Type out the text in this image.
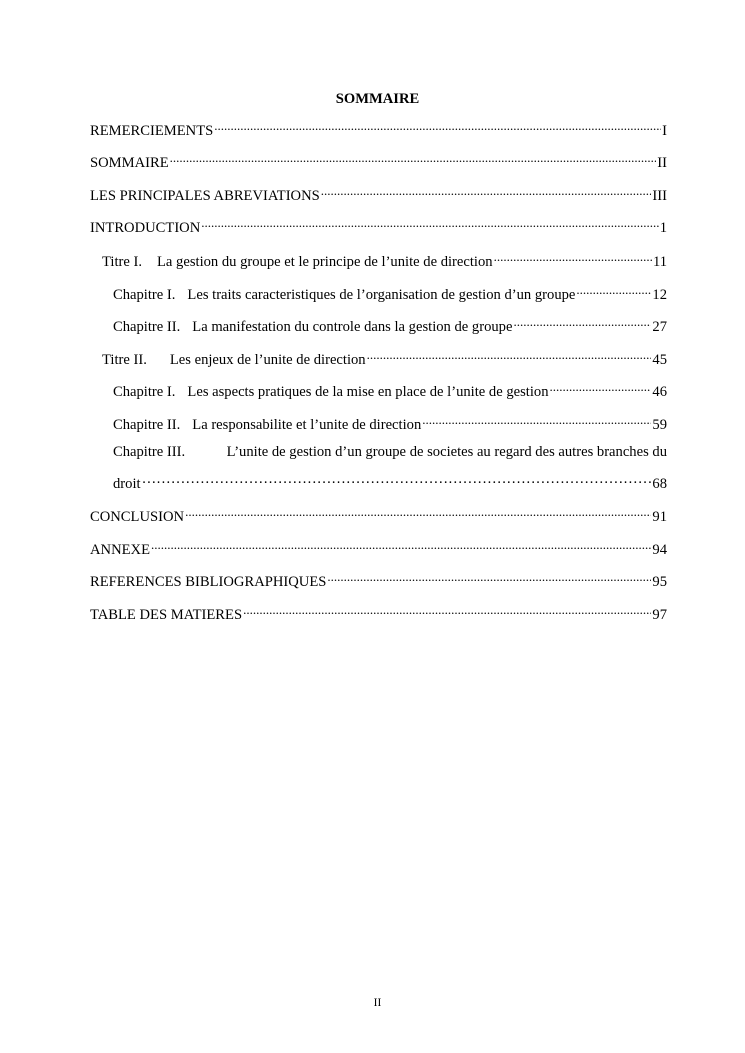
SOMMAIRE
REMERCIEMENTS .....	I
SOMMAIRE .....	II
LES PRINCIPALES ABREVIATIONS .....	III
INTRODUCTION .....	1
Titre I. La gestion du groupe et le principe de l’unite de direction .....	11
Chapitre I. Les traits caracteristiques de l’organisation de gestion d’un groupe .....	12
Chapitre II. La manifestation du controle dans la gestion de groupe .....	27
Titre II. Les enjeux de l’unite de direction .....	45
Chapitre I. Les aspects pratiques de la mise en place de l’unite de gestion .....	46
Chapitre II. La responsabilite et l’unite de direction .....	59
Chapitre III.	L’unite de gestion d’un groupe de societes au regard des autres branches du
droit ……………………………………………………………………………………………………………………………………………………	68
CONCLUSION .....	91
ANNEXE .....	94
REFERENCES BIBLIOGRAPHIQUES .....	95
TABLE DES MATIERES .....	97
II
